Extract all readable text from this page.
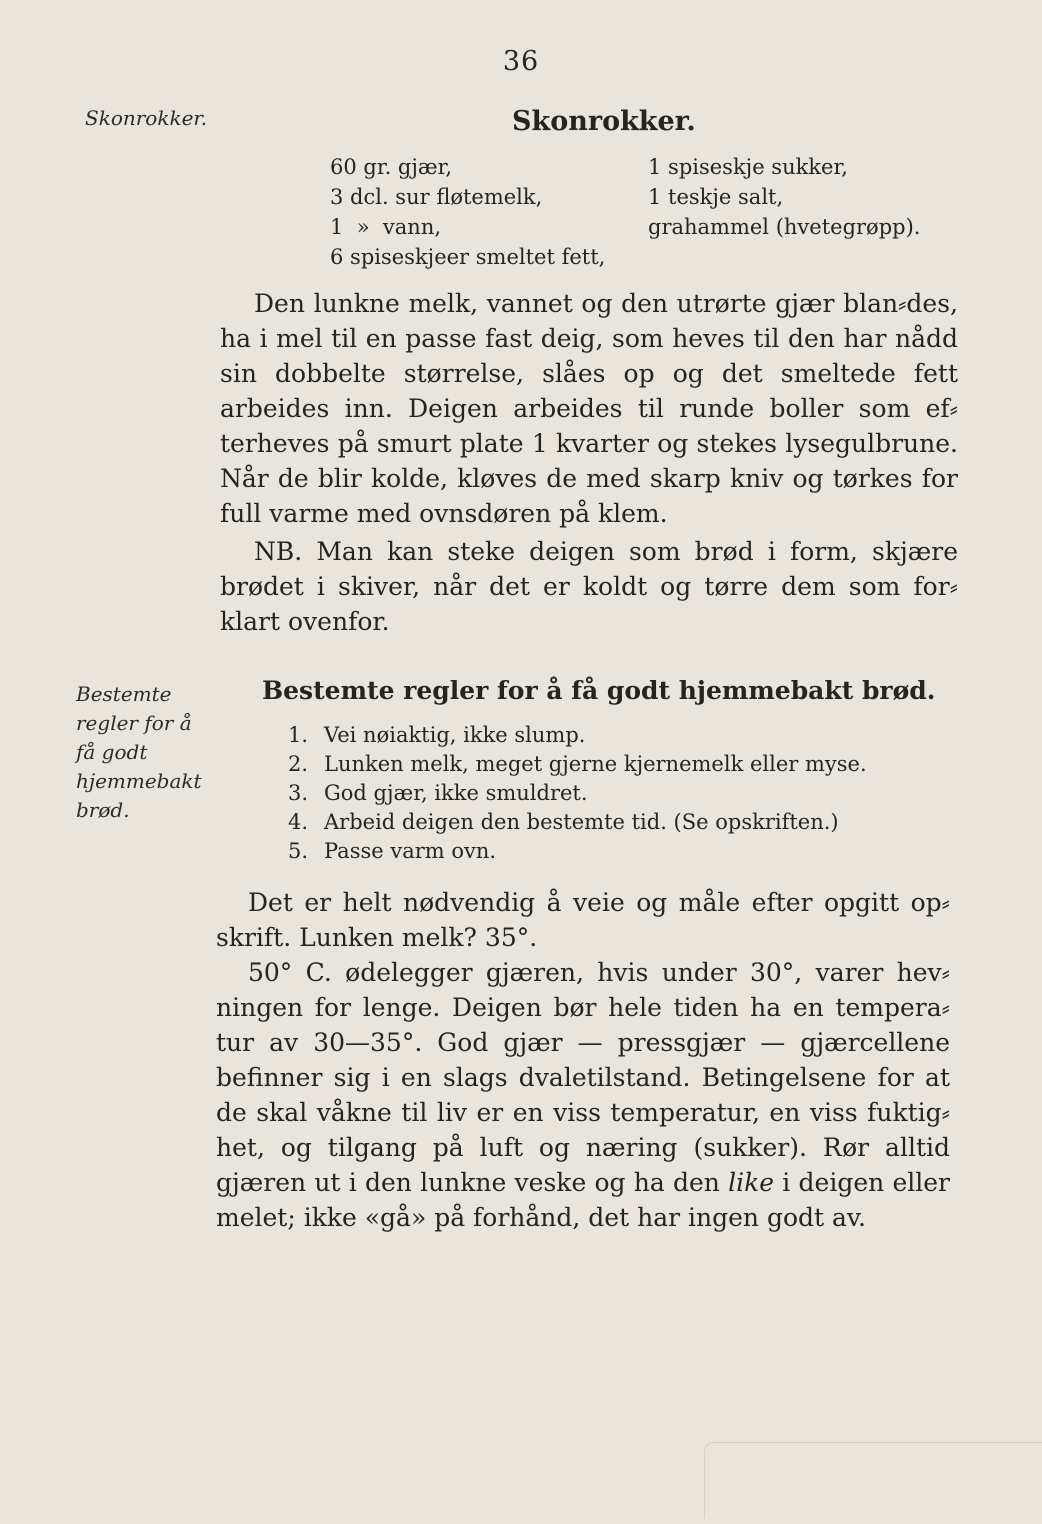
36
Skonrokker.	Skonrokker.
60 gr. gjær,
3 dcl. sur fløtemelk,
1  »  vann,
6 spiseskjeer smeltet fett,
1 spiseskje sukker,
1 teskje salt,
grahammel (hvetegrøpp).

Den lunkne melk, vannet og den utrørte gjær blan⸗des, ha i mel til en passe fast deig, som heves til den har nådd sin dobbelte størrelse, slåes op og det smeltede fett arbeides inn. Deigen arbeides til runde boller som ef⸗terheves på smurt plate 1 kvarter og stekes lysegulbrune. Når de blir kolde, kløves de med skarp kniv og tørkes for full varme med ovnsdøren på klem.

NB. Man kan steke deigen som brød i form, skjære brødet i skiver, når det er koldt og tørre dem som for⸗klart ovenfor.

Bestemte regler for å få godt hjemmebakt brød.
Bestemte regler for å få godt hjemmebakt brød.
1. Vei nøiaktig, ikke slump.
2. Lunken melk, meget gjerne kjernemelk eller myse.
3. God gjær, ikke smuldret.
4. Arbeid deigen den bestemte tid. (Se opskriften.)
5. Passe varm ovn.

Det er helt nødvendig å veie og måle efter opgitt op⸗skrift. Lunken melk? 35°.

50° C. ødelegger gjæren, hvis under 30°, varer hev⸗ningen for lenge. Deigen bør hele tiden ha en tempera⸗tur av 30—35°. God gjær — pressgjær — gjærcellene befinner sig i en slags dvaletilstand. Betingelsene for at de skal våkne til liv er en viss temperatur, en viss fuktig⸗het, og tilgang på luft og næring (sukker). Rør alltid gjæren ut i den lunkne veske og ha den like i deigen eller melet; ikke «gå» på forhånd, det har ingen godt av.
